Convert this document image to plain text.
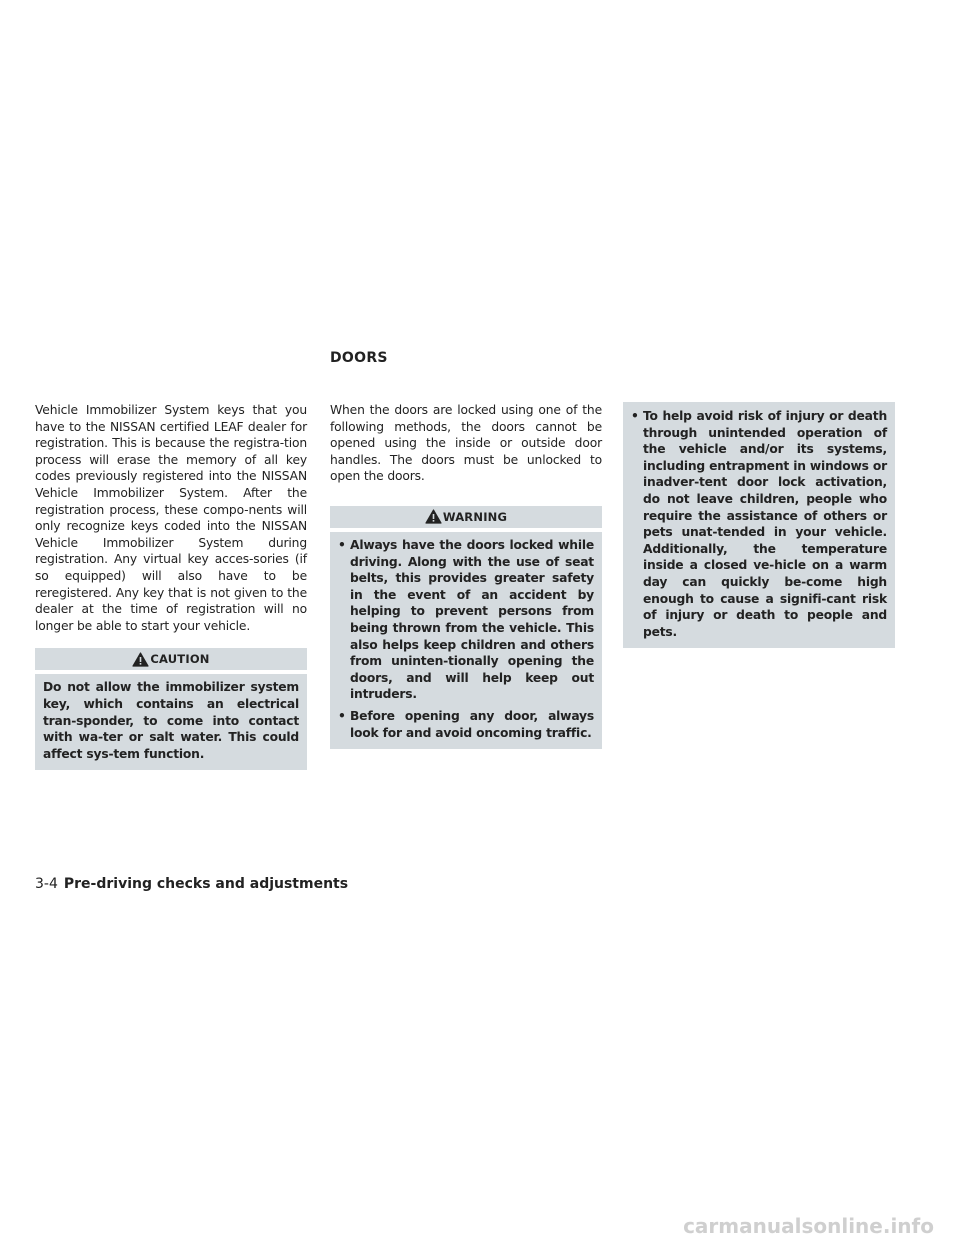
DOORS

Vehicle Immobilizer System keys that you have to the NISSAN certified LEAF dealer for registration. This is because the registra-tion process will erase the memory of all key codes previously registered into the NISSAN Vehicle Immobilizer System. After the registration process, these compo-nents will only recognize keys coded into the NISSAN Vehicle Immobilizer System during registration. Any virtual key acces-sories (if so equipped) will also have to be reregistered. Any key that is not given to the dealer at the time of registration will no longer be able to start your vehicle.

CAUTION
Do not allow the immobilizer system key, which contains an electrical tran-sponder, to come into contact with wa-ter or salt water. This could affect sys-tem function.

When the doors are locked using one of the following methods, the doors cannot be opened using the inside or outside door handles. The doors must be unlocked to open the doors.

WARNING
• Always have the doors locked while driving. Along with the use of seat belts, this provides greater safety in the event of an accident by helping to prevent persons from being thrown from the vehicle. This also helps keep children and others from uninten-tionally opening the doors, and will help keep out intruders.
• Before opening any door, always look for and avoid oncoming traffic.
• To help avoid risk of injury or death through unintended operation of the vehicle and/or its systems, including entrapment in windows or inadver-tent door lock activation, do not leave children, people who require the assistance of others or pets unat-tended in your vehicle. Additionally, the temperature inside a closed ve-hicle on a warm day can quickly be-come high enough to cause a signifi-cant risk of injury or death to people and pets.
3-4 Pre-driving checks and adjustments
carmanualsonline.info
